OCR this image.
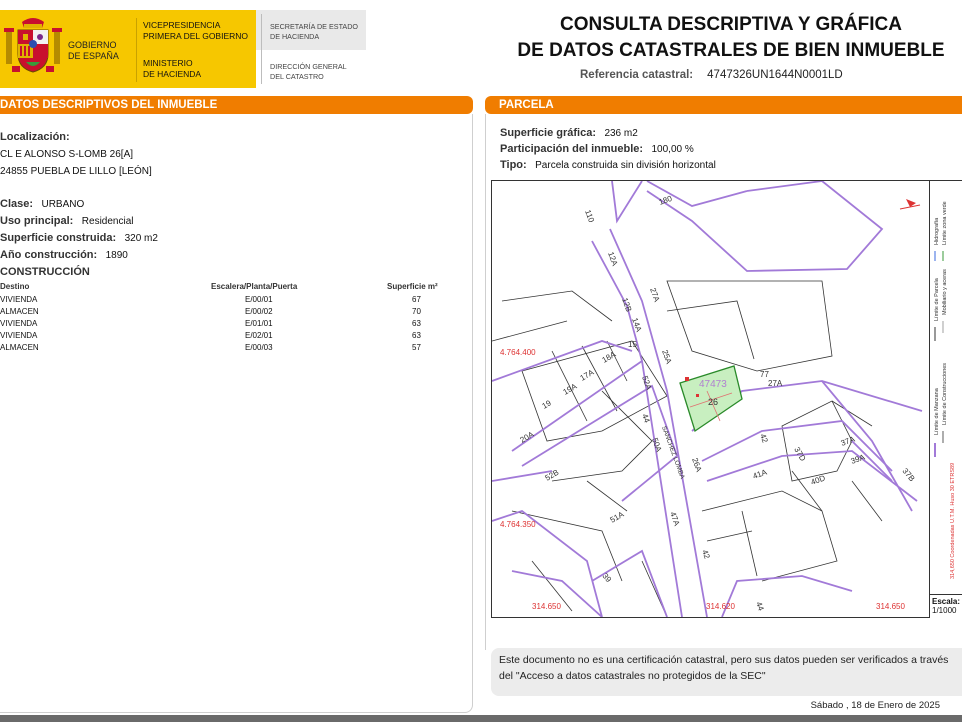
GOBIERNO
DE ESPAÑA
VICEPRESIDENCIA
PRIMERA DEL GOBIERNO
MINISTERIO
DE HACIENDA
SECRETARÍA DE ESTADO
DE HACIENDA
DIRECCIÓN GENERAL
DEL CATASTRO
CONSULTA DESCRIPTIVA Y GRÁFICA
DE DATOS CATASTRALES DE BIEN INMUEBLE
Referencia catastral: 4747326UN1644N0001LD
DATOS DESCRIPTIVOS DEL INMUEBLE
Localización:
CL E ALONSO S-LOMB 26[A]
24855 PUEBLA DE LILLO [LEÓN]
Clase: URBANO
Uso principal: Residencial
Superficie construida: 320 m2
Año construcción: 1890
CONSTRUCCIÓN
Destino	Escalera/Planta/Puerta	Superficie m²
VIVIENDA	E/00/01	67
ALMACEN	E/00/02	70
VIVIENDA	E/01/01	63
VIVIENDA	E/02/01	63
ALMACEN	E/00/03	57
PARCELA
Superficie gráfica: 236 m2
Participación del inmueble: 100,00 %
Tipo: Parcela construida sin división horizontal
110
180
12A
27A
12B
14A
25A
15
18A
17A
19
20A
19A	52A
44
50A
52B
51A	47A
26A
42
41A	40D
37D
37A
39A
37B
42
44
27A
77
39
SANCHEZ LOMBA
47473
26
4.764.400
4.764.350
314.650	314.620	314.650
Límite de Manzana
Límite de Parcela
Límite de Construcciones
Mobiliario y aceras
Límite zona verde
Hidrografía
314,650 Coordenadas U.T.M. Huso 30 ETRS89
Escala:
1/1000
Este documento no es una certificación catastral, pero sus datos pueden ser verificados a través del "Acceso a datos catastrales no protegidos de la SEC"
Sábado , 18 de Enero de 2025
